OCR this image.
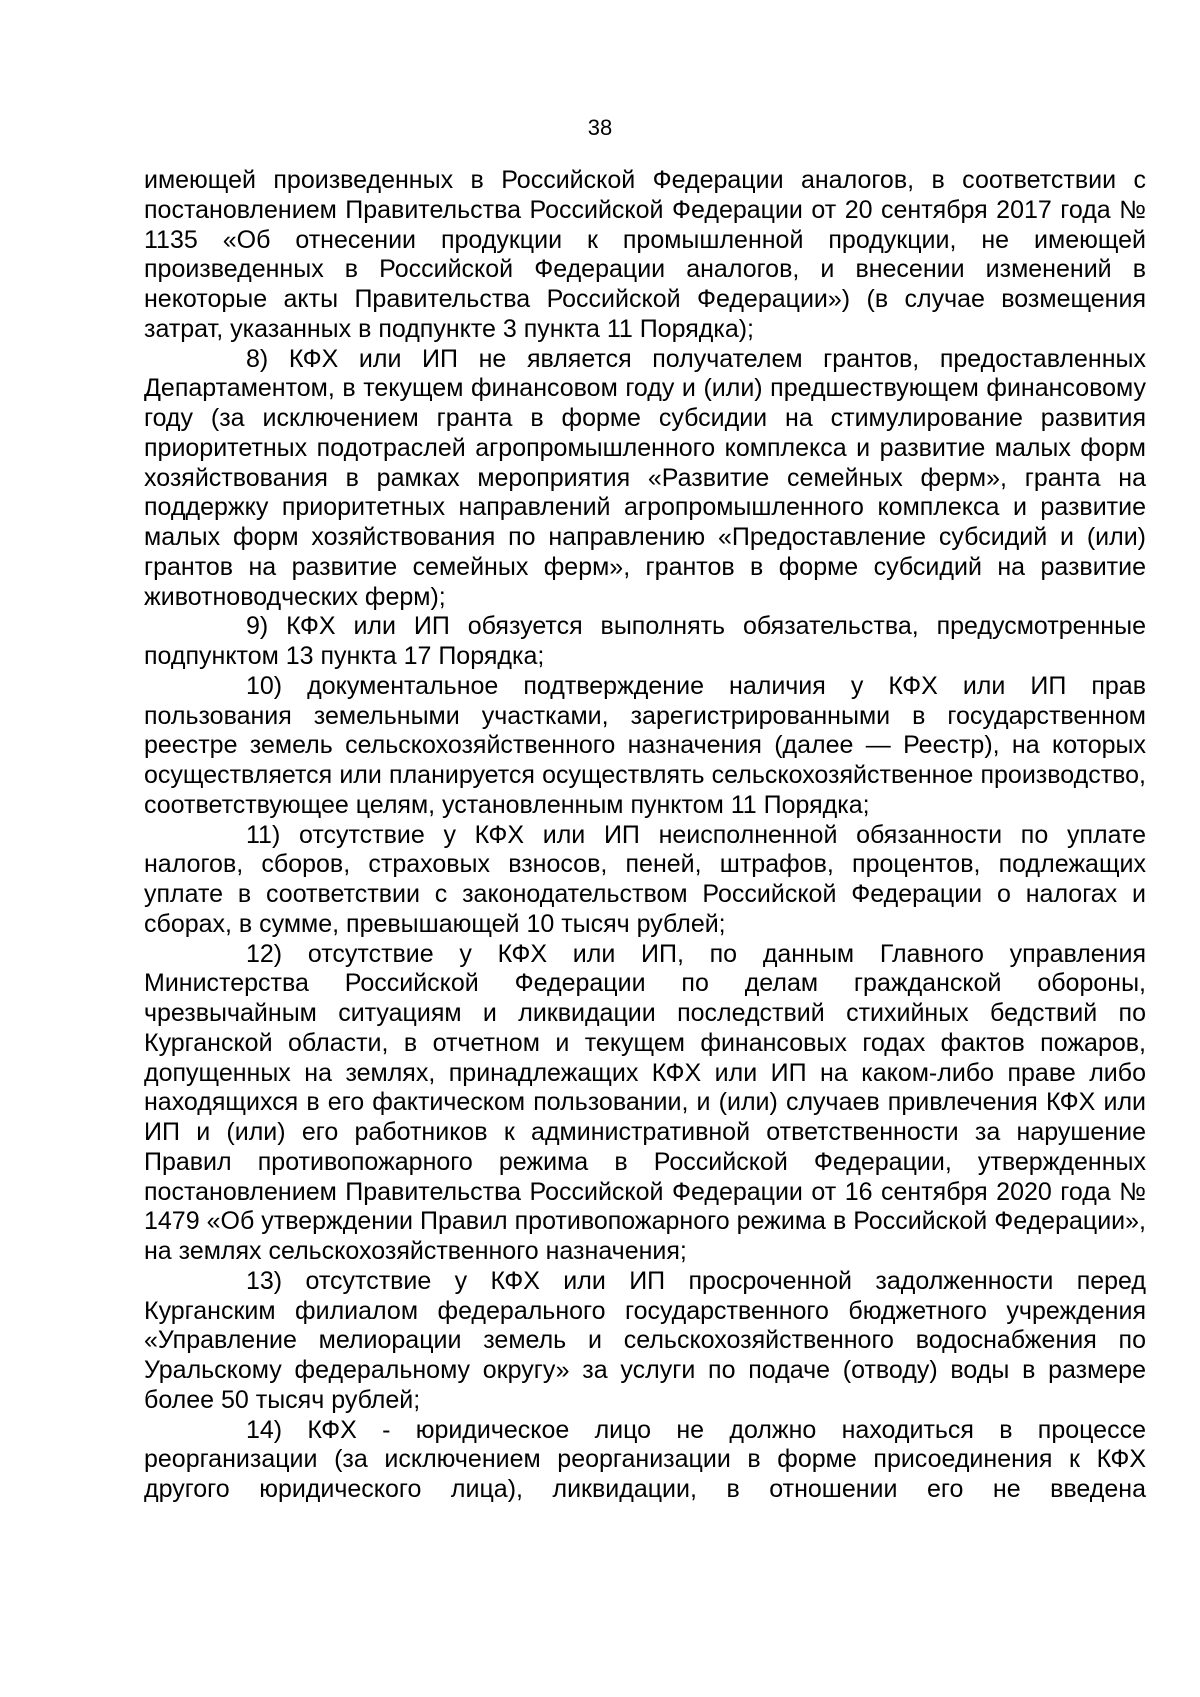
38

имеющей произведенных в Российской Федерации аналогов, в соответствии с постановлением Правительства Российской Федерации от 20 сентября 2017 года № 1135 «Об отнесении продукции к промышленной продукции, не имеющей произведенных в Российской Федерации аналогов, и внесении изменений в некоторые акты Правительства Российской Федерации») (в случае возмещения затрат, указанных в подпункте 3 пункта 11 Порядка);

8) КФХ или ИП не является получателем грантов, предоставленных Департаментом, в текущем финансовом году и (или) предшествующем финансовому году (за исключением гранта в форме субсидии на стимулирование развития приоритетных подотраслей агропромышленного комплекса и развитие малых форм хозяйствования в рамках мероприятия «Развитие семейных ферм», гранта на поддержку приоритетных направлений агропромышленного комплекса и развитие малых форм хозяйствования по направлению «Предоставление субсидий и (или) грантов на развитие семейных ферм», грантов в форме субсидий на развитие животноводческих ферм);

9) КФХ или ИП обязуется выполнять обязательства, предусмотренные подпунктом 13 пункта 17 Порядка;

10) документальное подтверждение наличия у КФХ или ИП прав пользования земельными участками, зарегистрированными в государственном реестре земель сельскохозяйственного назначения (далее — Реестр), на которых осуществляется или планируется осуществлять сельскохозяйственное производство, соответствующее целям, установленным пунктом 11 Порядка;

11) отсутствие у КФХ или ИП неисполненной обязанности по уплате налогов, сборов, страховых взносов, пеней, штрафов, процентов, подлежащих уплате в соответствии с законодательством Российской Федерации о налогах и сборах, в сумме, превышающей 10 тысяч рублей;

12) отсутствие у КФХ или ИП, по данным Главного управления Министерства Российской Федерации по делам гражданской обороны, чрезвычайным ситуациям и ликвидации последствий стихийных бедствий по Курганской области, в отчетном и текущем финансовых годах фактов пожаров, допущенных на землях, принадлежащих КФХ или ИП на каком-либо праве либо находящихся в его фактическом пользовании, и (или) случаев привлечения КФХ или ИП и (или) его работников к административной ответственности за нарушение Правил противопожарного режима в Российской Федерации, утвержденных постановлением Правительства Российской Федерации от 16 сентября 2020 года № 1479 «Об утверждении Правил противопожарного режима в Российской Федерации», на землях сельскохозяйственного назначения;

13) отсутствие у КФХ или ИП просроченной задолженности перед Курганским филиалом федерального государственного бюджетного учреждения «Управление мелиорации земель и сельскохозяйственного водоснабжения по Уральскому федеральному округу» за услуги по подаче (отводу) воды в размере более 50 тысяч рублей;

14) КФХ - юридическое лицо не должно находиться в процессе реорганизации (за исключением реорганизации в форме присоединения к КФХ другого юридического лица), ликвидации, в отношении его не введена
